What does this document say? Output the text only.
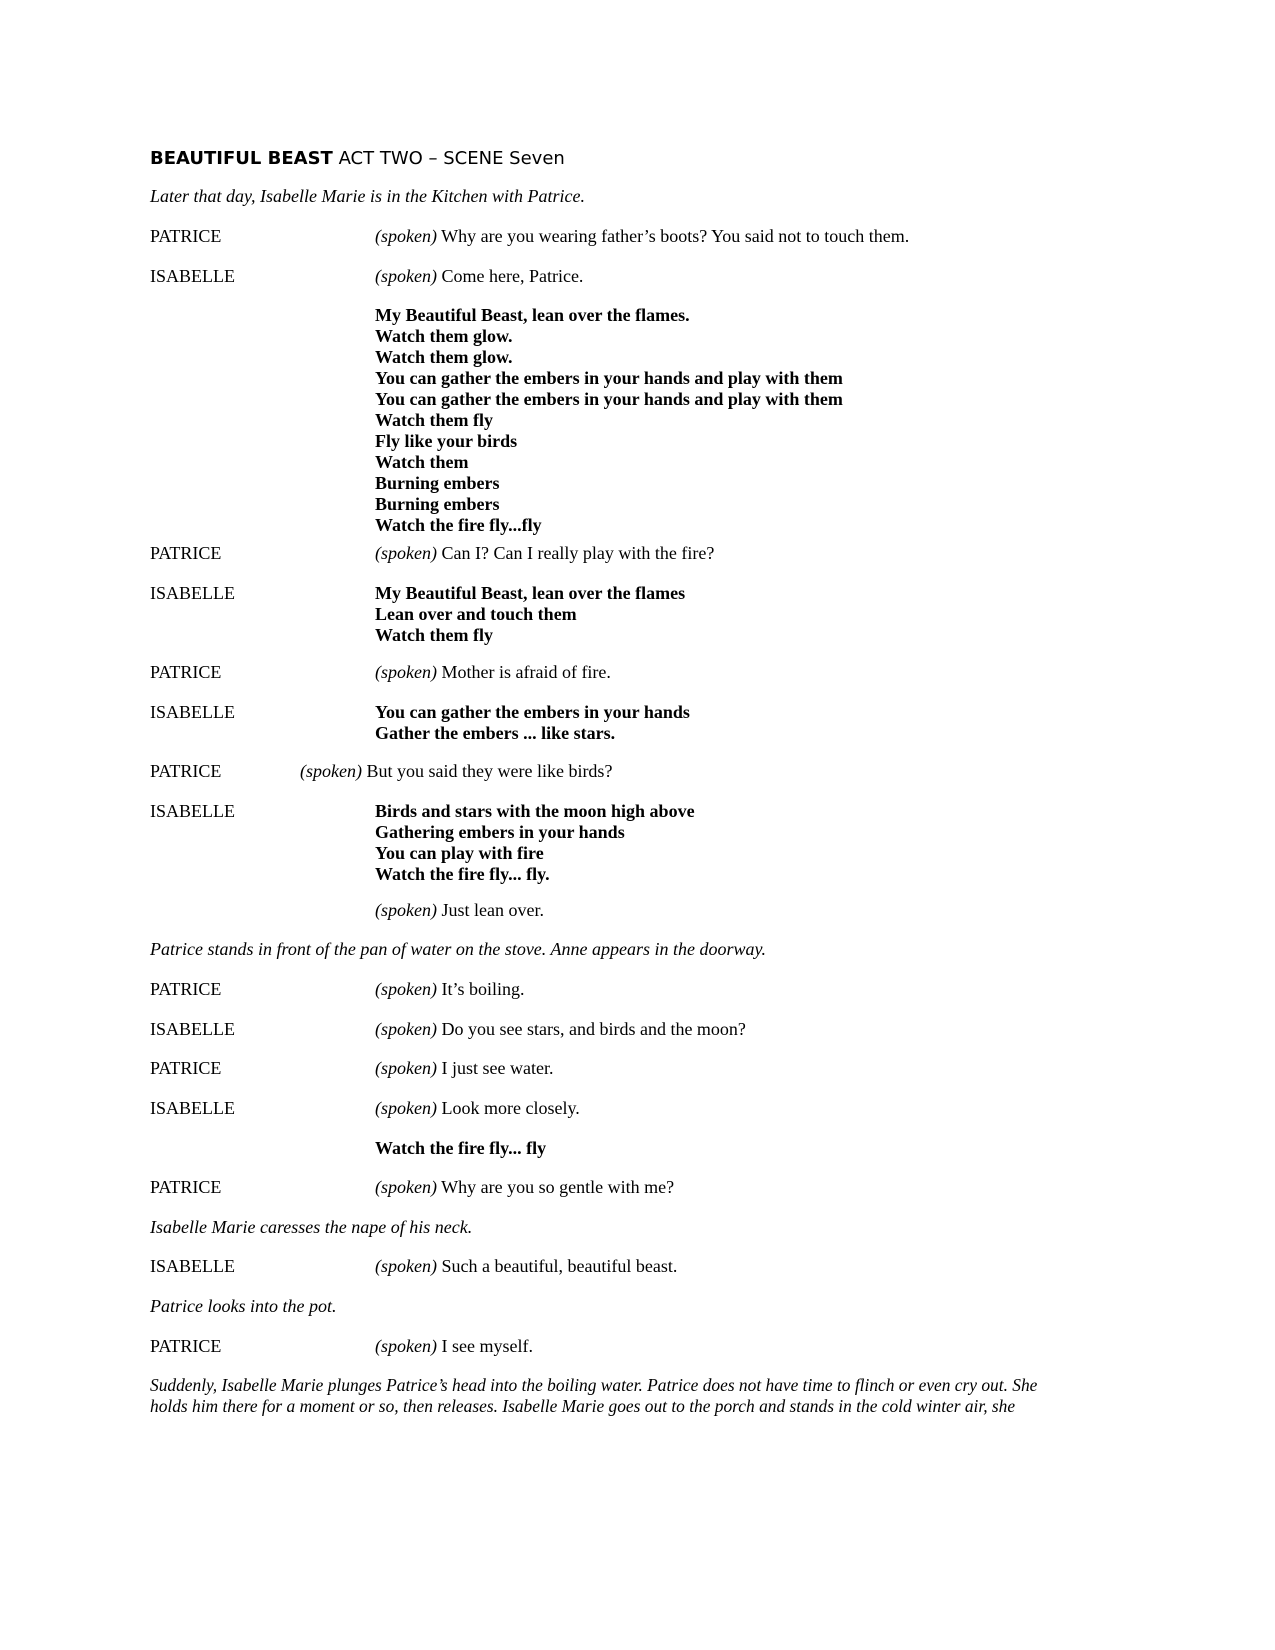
BEAUTIFUL BEAST ACT TWO – SCENE Seven
Later that day, Isabelle Marie is in the Kitchen with Patrice.
PATRICE	(spoken) Why are you wearing father’s boots? You said not to touch them.
ISABELLE	(spoken) Come here, Patrice.
My Beautiful Beast, lean over the flames.
Watch them glow.
Watch them glow.
You can gather the embers in your hands and play with them
You can gather the embers in your hands and play with them
Watch them fly
Fly like your birds
Watch them
Burning embers
Burning embers
Watch the fire fly...fly
PATRICE	(spoken) Can I? Can I really play with the fire?
ISABELLE	My Beautiful Beast, lean over the flames
Lean over and touch them
Watch them fly
PATRICE	(spoken) Mother is afraid of fire.
ISABELLE	You can gather the embers in your hands
Gather the embers ... like stars.
PATRICE	(spoken) But you said they were like birds?
ISABELLE	Birds and stars with the moon high above
Gathering embers in your hands
You can play with fire
Watch the fire fly... fly.
(spoken) Just lean over.
Patrice stands in front of the pan of water on the stove. Anne appears in the doorway.
PATRICE	(spoken) It’s boiling.
ISABELLE	(spoken) Do you see stars, and birds and the moon?
PATRICE	(spoken) I just see water.
ISABELLE	(spoken) Look more closely.
Watch the fire fly... fly
PATRICE	(spoken) Why are you so gentle with me?
Isabelle Marie caresses the nape of his neck.
ISABELLE	(spoken) Such a beautiful, beautiful beast.
Patrice looks into the pot.
PATRICE	(spoken) I see myself.
Suddenly, Isabelle Marie plunges Patrice’s head into the boiling water. Patrice does not have time to flinch or even cry out. She
holds him there for a moment or so, then releases. Isabelle Marie goes out to the porch and stands in the cold winter air, she
